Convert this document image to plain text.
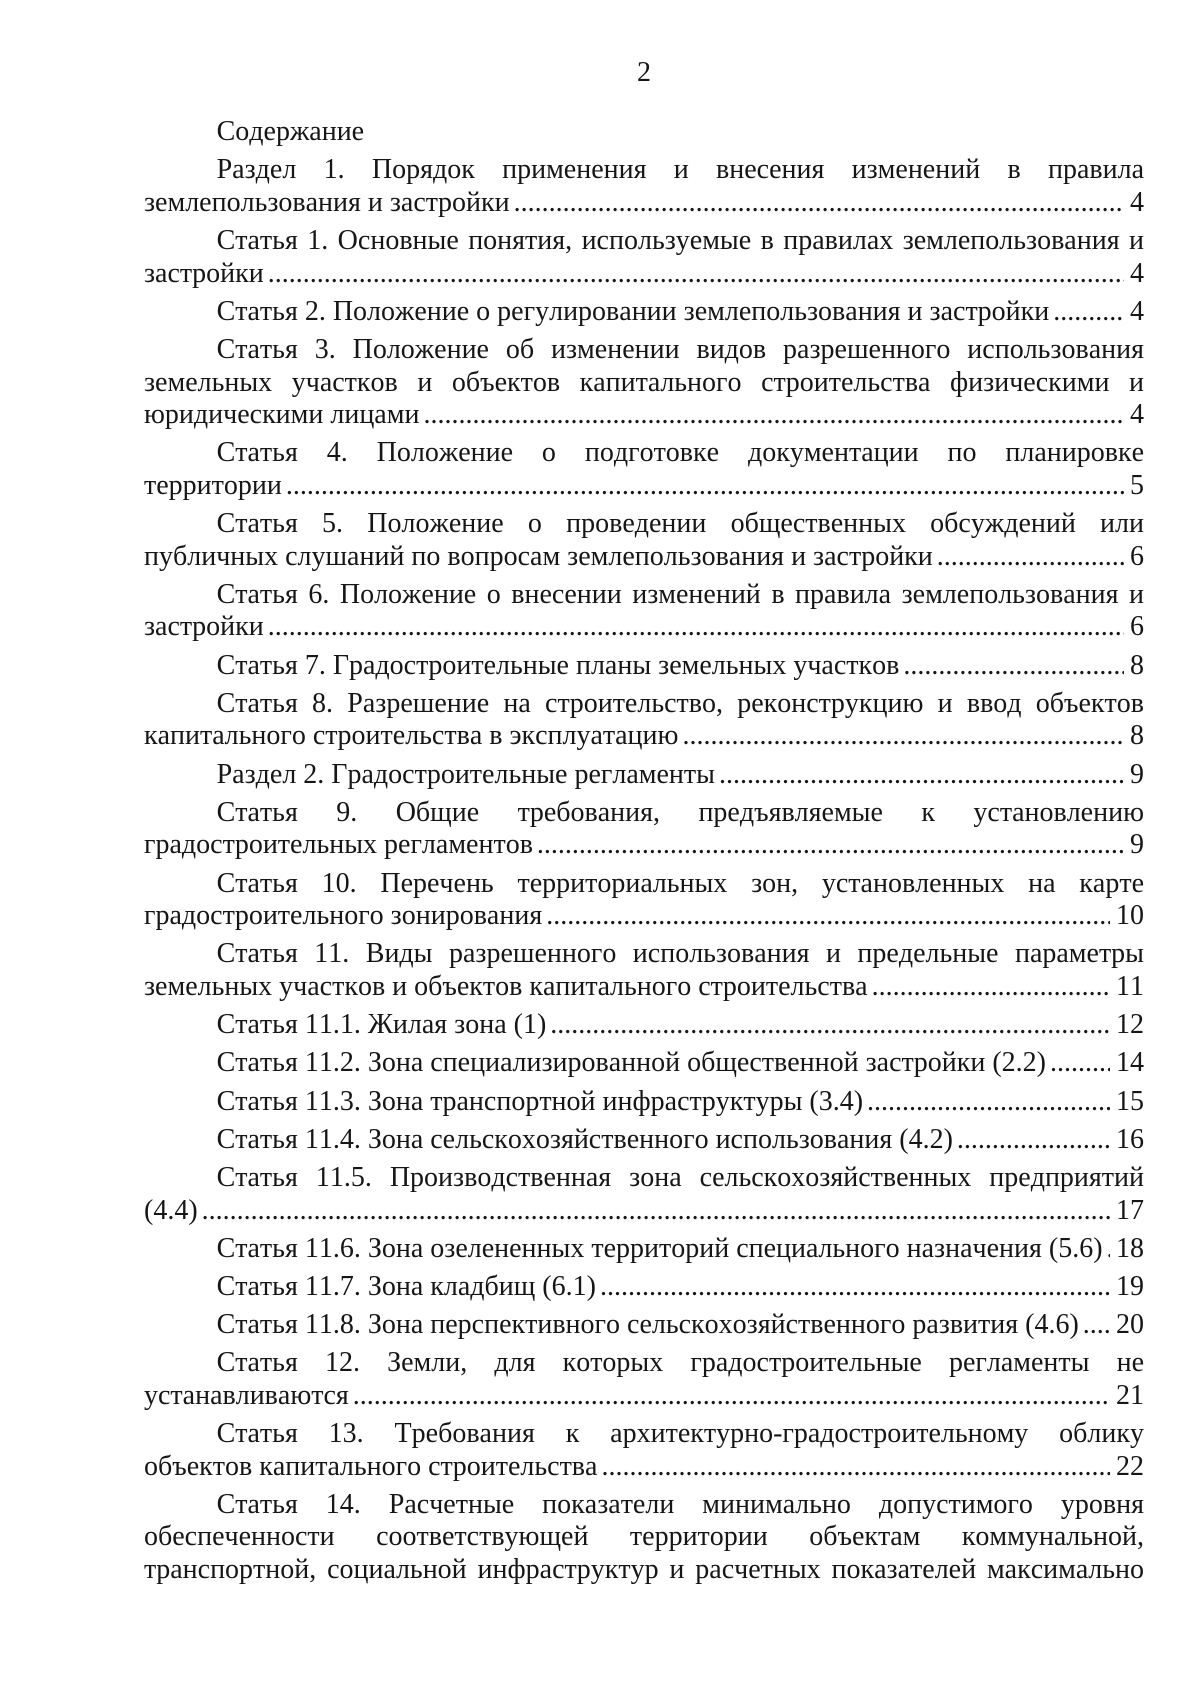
2
Содержание
Раздел 1. Порядок применения и внесения изменений в правила
землепользования и застройки .....	4
Статья 1. Основные понятия, используемые в правилах землепользования и
застройки .....	4
Статья 2. Положение о регулировании землепользования и застройки .....	4
Статья 3. Положение об изменении видов разрешенного использования
земельных участков и объектов капитального строительства физическими и
юридическими лицами .....	4
Статья 4. Положение о подготовке документации по планировке
территории .....	5
Статья 5. Положение о проведении общественных обсуждений или
публичных слушаний по вопросам землепользования и застройки .....	6
Статья 6. Положение о внесении изменений в правила землепользования и
застройки .....	6
Статья 7. Градостроительные планы земельных участков .....	8
Статья 8. Разрешение на строительство, реконструкцию и ввод объектов
капитального строительства в эксплуатацию .....	8
Раздел 2. Градостроительные регламенты .....	9
Статья 9. Общие требования, предъявляемые к установлению
градостроительных регламентов .....	9
Статья 10. Перечень территориальных зон, установленных на карте
градостроительного зонирования .....	10
Статья 11. Виды разрешенного использования и предельные параметры
земельных участков и объектов капитального строительства .....	11
Статья 11.1. Жилая зона (1) .....	12
Статья 11.2. Зона специализированной общественной застройки (2.2) .....	14
Статья 11.3. Зона транспортной инфраструктуры (3.4) .....	15
Статья 11.4. Зона сельскохозяйственного использования (4.2) .....	16
Статья 11.5. Производственная зона сельскохозяйственных предприятий
(4.4) .....	17
Статья 11.6. Зона озелененных территорий специального назначения (5.6) ..... 18
Статья 11.7. Зона кладбищ (6.1) .....	19
Статья 11.8. Зона перспективного сельскохозяйственного развития (4.6) ..... 20
Статья 12. Земли, для которых градостроительные регламенты не
устанавливаются .....	21
Статья 13. Требования к архитектурно-градостроительному облику
объектов капитального строительства .....	22
Статья 14. Расчетные показатели минимально допустимого уровня
обеспеченности соответствующей территории объектам коммунальной,
транспортной, социальной инфраструктур и расчетных показателей максимально
